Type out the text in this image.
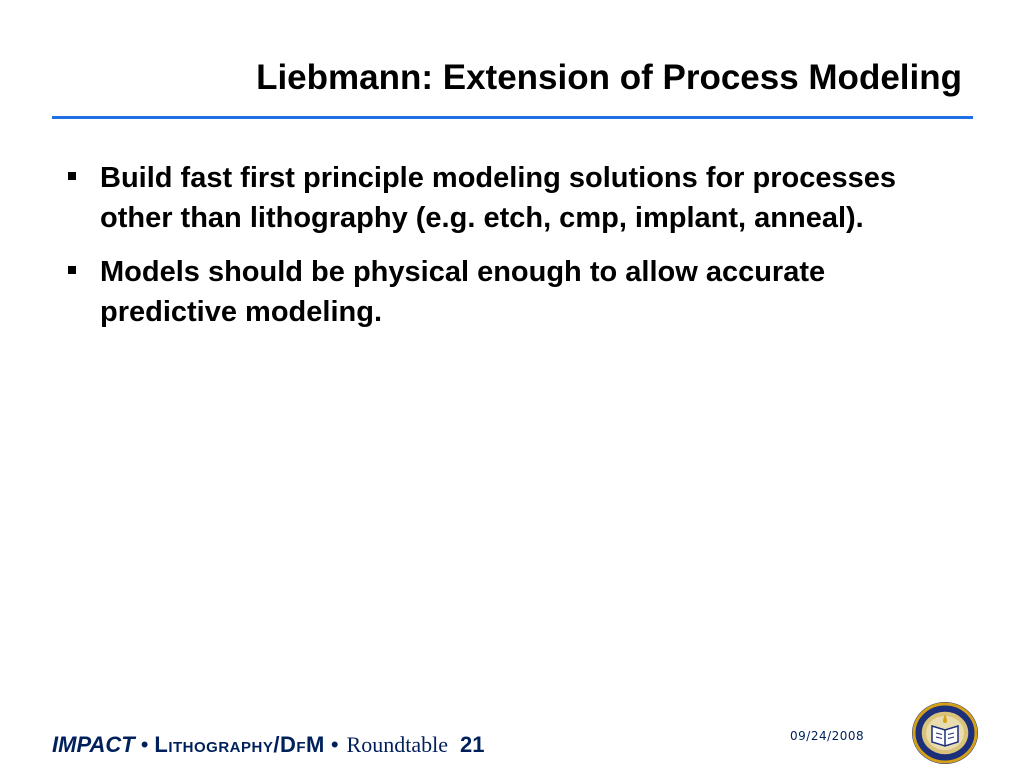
Liebmann: Extension of Process Modeling
Build fast first principle modeling solutions for processes other than lithography (e.g. etch, cmp, implant, anneal).
Models should be physical enough to allow accurate predictive modeling.
IMPACT • Lithography/DfM • Roundtable 21	09/24/2008
